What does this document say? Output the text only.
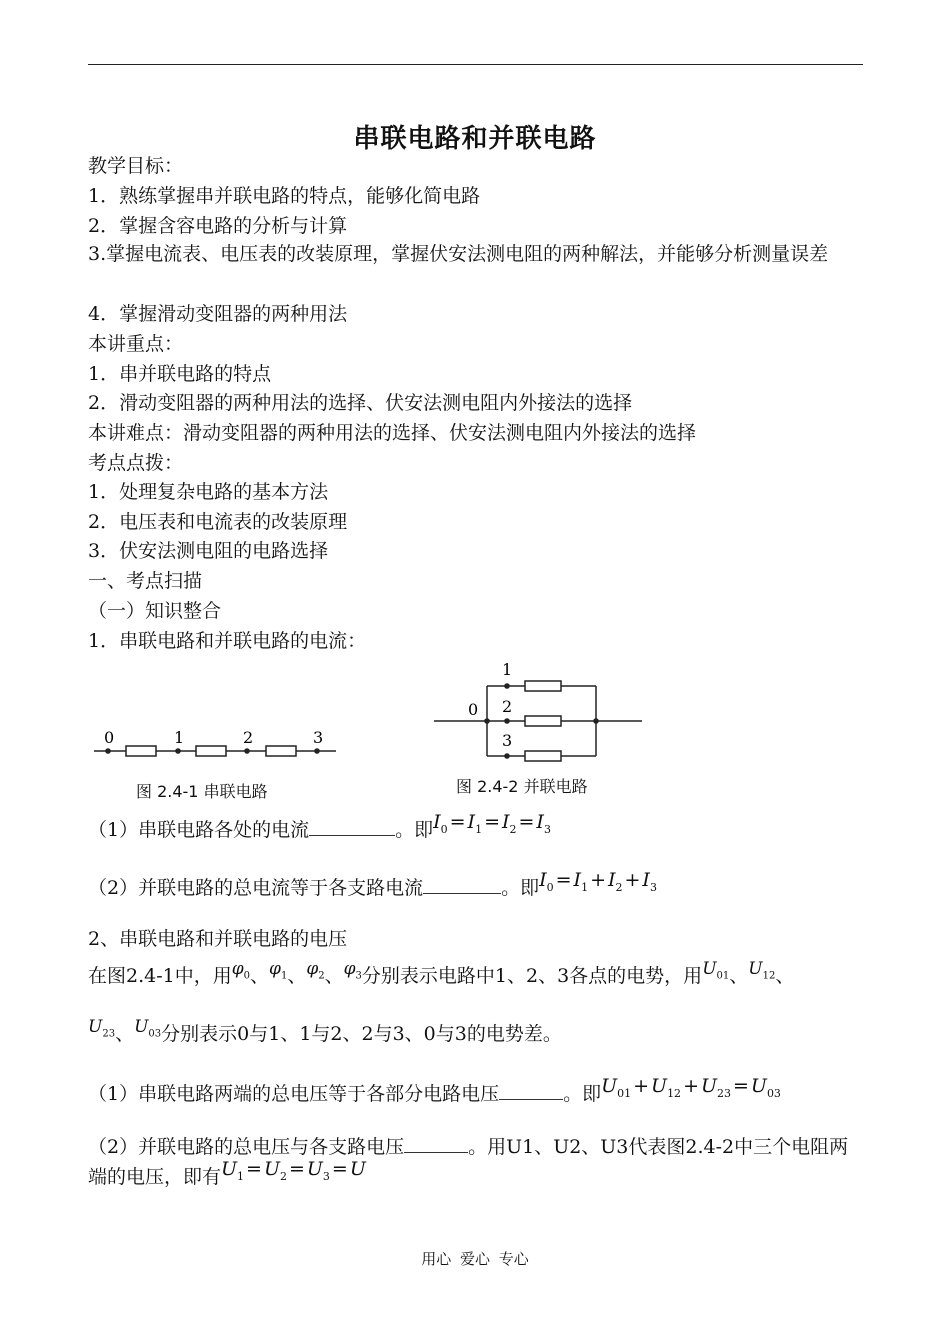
串联电路和并联电路
教学目标：
1．熟练掌握串并联电路的特点，能够化简电路
2．掌握含容电路的分析与计算
3.掌握电流表、电压表的改装原理，掌握伏安法测电阻的两种解法，并能够分析测量误差
4．掌握滑动变阻器的两种用法
本讲重点：
1．串并联电路的特点
2．滑动变阻器的两种用法的选择、伏安法测电阻内外接法的选择
本讲难点：滑动变阻器的两种用法的选择、伏安法测电阻内外接法的选择
考点点拨：
1．处理复杂电路的基本方法
2．电压表和电流表的改装原理
3．伏安法测电阻的电路选择
一、考点扫描
（一）知识整合
1．串联电路和并联电路的电流：
0	1	2	3
图 2.4-1 串联电路
0
1
2
3
图 2.4-2 并联电路
（1）串联电路各处的电流	。即$I_0 = I_1 = I_2 = I_3$
（2）并联电路的总电流等于各支路电流	。即$I_0 = I_1 + I_2 + I_3$
2、串联电路和并联电路的电压
在图2.4-1中，用$\varphi_0$、$\varphi_1$、$\varphi_2$、$\varphi_3$分别表示电路中1、2、3各点的电势，用$U_{01}$、$U_{12}$、
$U_{23}$、$U_{03}$分别表示0与1、1与2、2与3、0与3的电势差。
（1）串联电路两端的总电压等于各部分电路电压	。即$U_{01} + U_{12} + U_{23} = U_{03}$
（2）并联电路的总电压与各支路电压	。用U1、U2、U3代表图2.4-2中三个电阻两端的电压，即有$U_1 = U_2 = U_3 = U$
用心 爱心 专心
